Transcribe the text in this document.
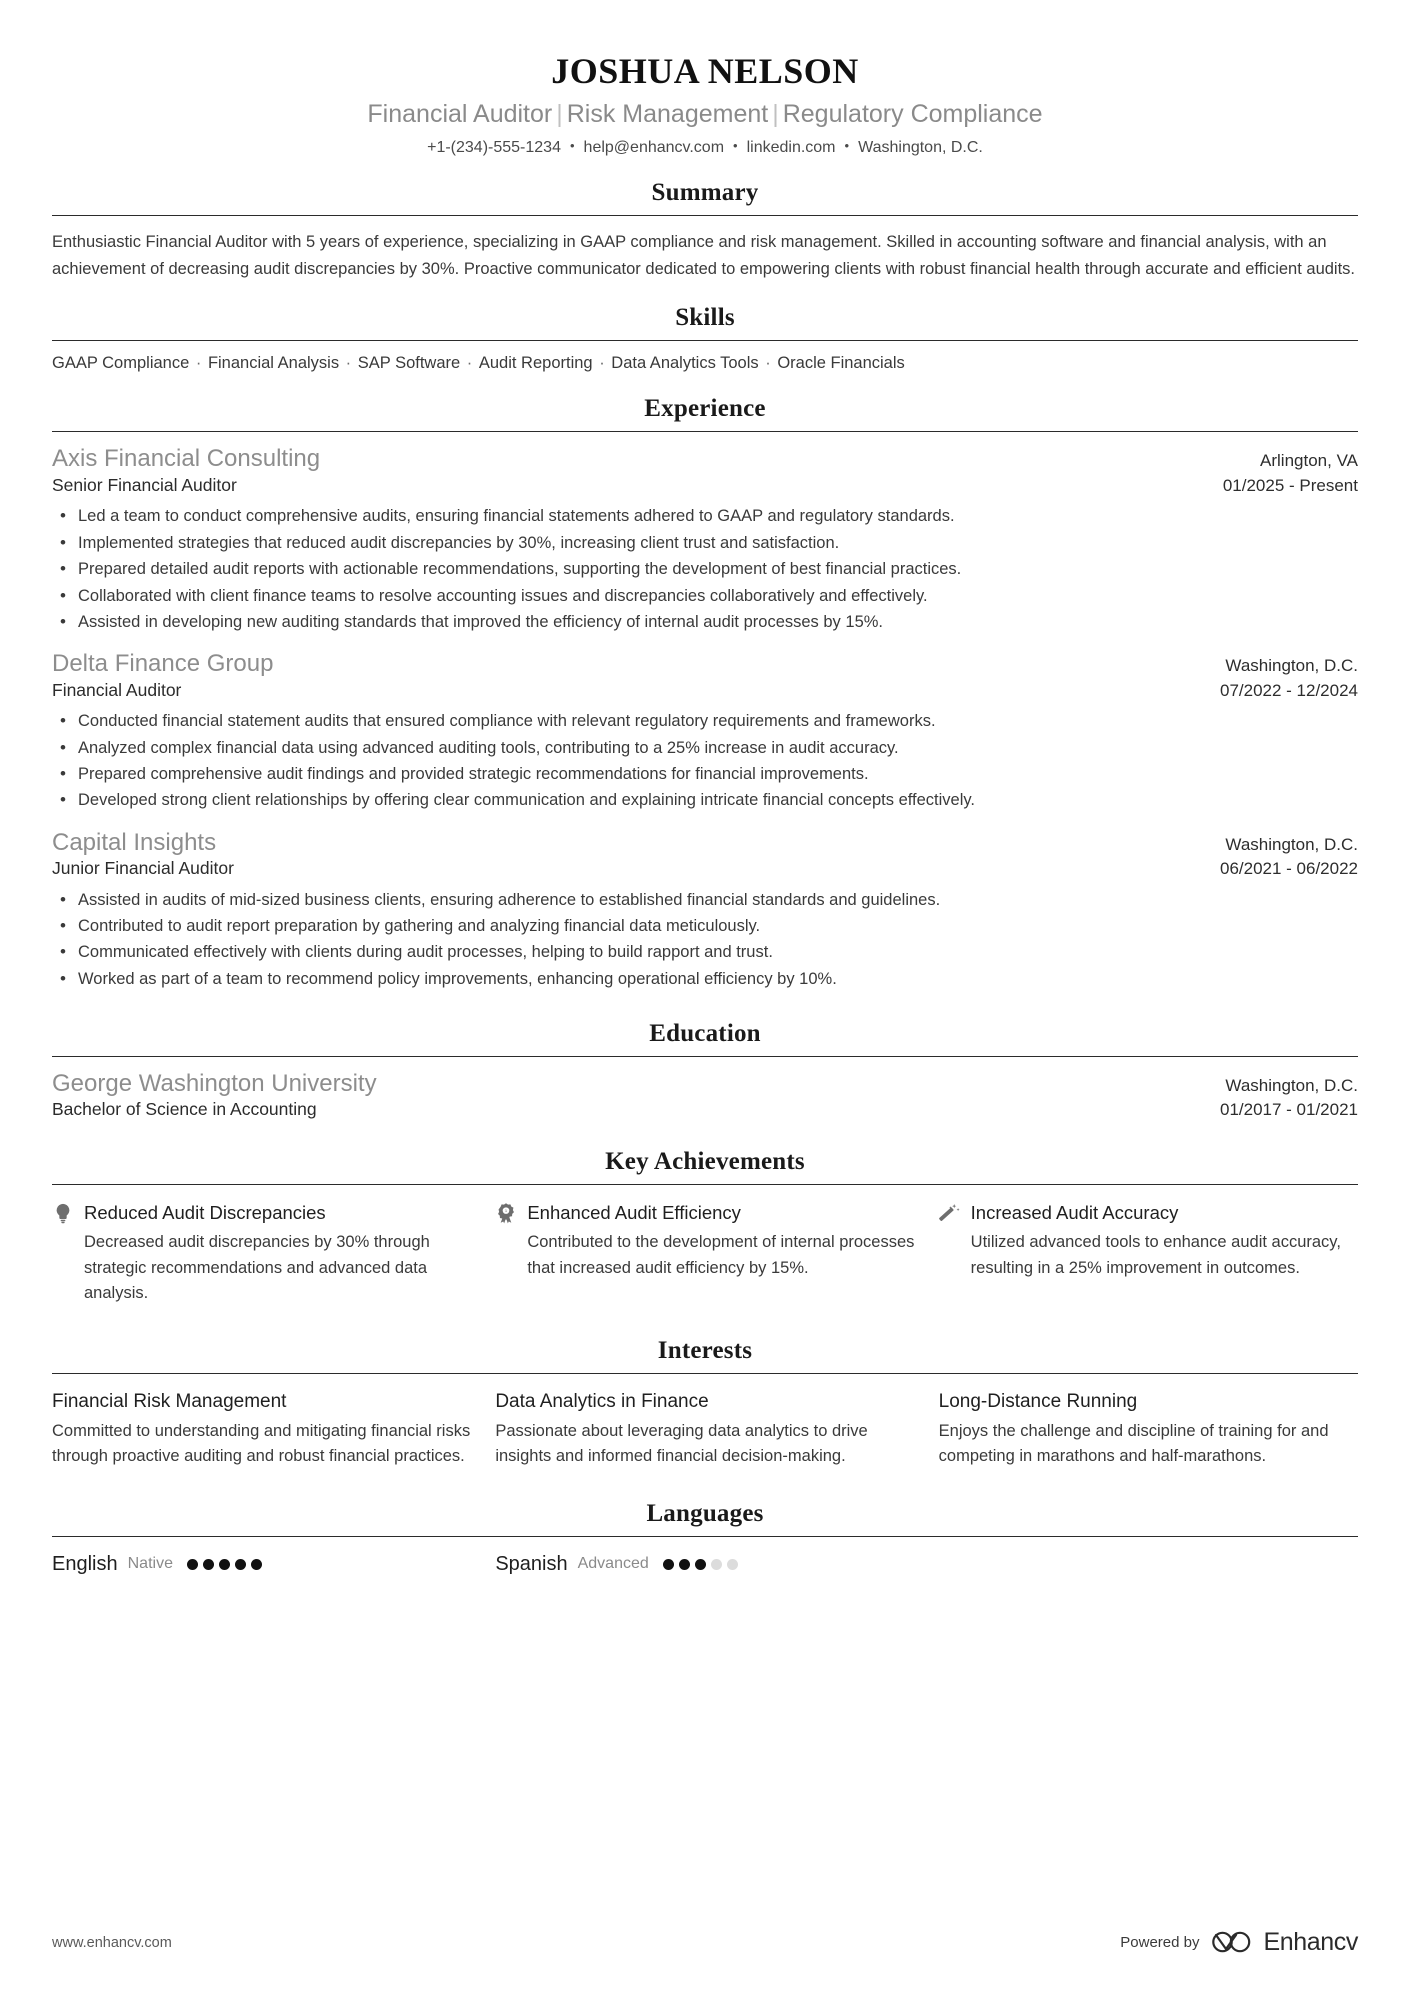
JOSHUA NELSON
Financial Auditor | Risk Management | Regulatory Compliance
+1-(234)-555-1234 • help@enhancv.com • linkedin.com • Washington, D.C.
Summary

Enthusiastic Financial Auditor with 5 years of experience, specializing in GAAP compliance and risk management. Skilled in accounting software and financial analysis, with an achievement of decreasing audit discrepancies by 30%. Proactive communicator dedicated to empowering clients with robust financial health through accurate and efficient audits.

Skills
GAAP Compliance · Financial Analysis · SAP Software · Audit Reporting · Data Analytics Tools · Oracle Financials
Experience
Axis Financial Consulting	Arlington, VA
Senior Financial Auditor	01/2025 - Present
• Led a team to conduct comprehensive audits, ensuring financial statements adhered to GAAP and regulatory standards.
• Implemented strategies that reduced audit discrepancies by 30%, increasing client trust and satisfaction.
• Prepared detailed audit reports with actionable recommendations, supporting the development of best financial practices.
• Collaborated with client finance teams to resolve accounting issues and discrepancies collaboratively and effectively.
• Assisted in developing new auditing standards that improved the efficiency of internal audit processes by 15%.
Delta Finance Group	Washington, D.C.
Financial Auditor	07/2022 - 12/2024
• Conducted financial statement audits that ensured compliance with relevant regulatory requirements and frameworks.
• Analyzed complex financial data using advanced auditing tools, contributing to a 25% increase in audit accuracy.
• Prepared comprehensive audit findings and provided strategic recommendations for financial improvements.
• Developed strong client relationships by offering clear communication and explaining intricate financial concepts effectively.
Capital Insights	Washington, D.C.
Junior Financial Auditor	06/2021 - 06/2022
• Assisted in audits of mid-sized business clients, ensuring adherence to established financial standards and guidelines.
• Contributed to audit report preparation by gathering and analyzing financial data meticulously.
• Communicated effectively with clients during audit processes, helping to build rapport and trust.
• Worked as part of a team to recommend policy improvements, enhancing operational efficiency by 10%.
Education
George Washington University	Washington, D.C.
Bachelor of Science in Accounting	01/2017 - 01/2021
Key Achievements
Reduced Audit Discrepancies
Decreased audit discrepancies by 30% through strategic recommendations and advanced data analysis.
1 Enhanced Audit Efficiency
Contributed to the development of internal processes that increased audit efficiency by 15%.
Increased Audit Accuracy
Utilized advanced tools to enhance audit accuracy, resulting in a 25% improvement in outcomes.
Interests
Financial Risk Management
Committed to understanding and mitigating financial risks through proactive auditing and robust financial practices.
Data Analytics in Finance
Passionate about leveraging data analytics to drive insights and informed financial decision-making.
Long-Distance Running
Enjoys the challenge and discipline of training for and competing in marathons and half-marathons.
Languages
English Native	Spanish Advanced
www.enhancv.com	Powered by	Enhancv
